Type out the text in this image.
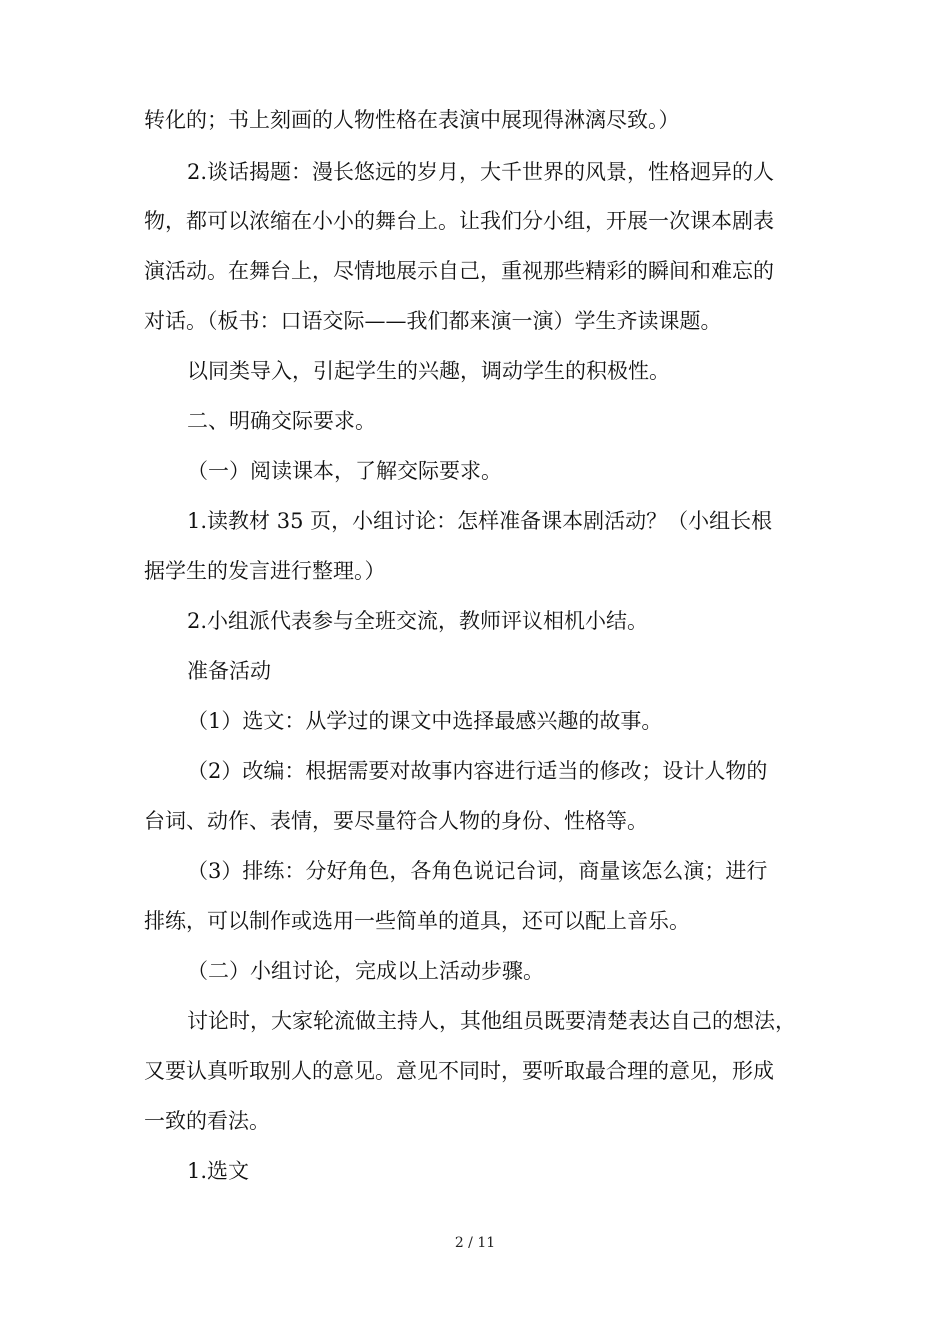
转化的；书上刻画的人物性格在表演中展现得淋漓尽致。）
2.谈话揭题：漫长悠远的岁月，大千世界的风景，性格迥异的人
物，都可以浓缩在小小的舞台上。让我们分小组，开展一次课本剧表
演活动。在舞台上，尽情地展示自己，重视那些精彩的瞬间和难忘的
对话。（板书：口语交际——我们都来演一演）学生齐读课题。
以同类导入，引起学生的兴趣，调动学生的积极性。
二、明确交际要求。
（一）阅读课本，了解交际要求。
1.读教材 35 页，小组讨论：怎样准备课本剧活动？（小组长根
据学生的发言进行整理。）
2.小组派代表参与全班交流，教师评议相机小结。
准备活动
（1）选文：从学过的课文中选择最感兴趣的故事。
（2）改编：根据需要对故事内容进行适当的修改；设计人物的
台词、动作、表情，要尽量符合人物的身份、性格等。
（3）排练：分好角色，各角色说记台词，商量该怎么演；进行
排练，可以制作或选用一些简单的道具，还可以配上音乐。
（二）小组讨论，完成以上活动步骤。
讨论时，大家轮流做主持人，其他组员既要清楚表达自己的想法，
又要认真听取别人的意见。意见不同时，要听取最合理的意见，形成
一致的看法。
1.选文
2 / 11
